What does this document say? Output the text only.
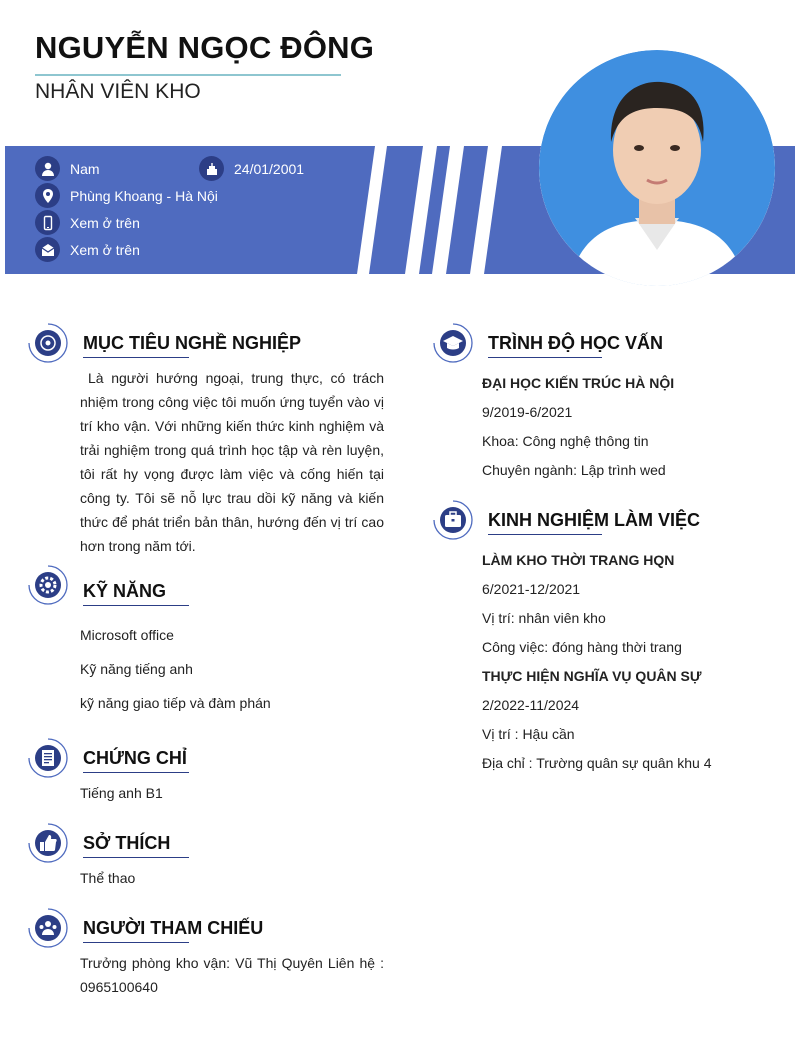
NGUYỄN NGỌC ĐÔNG
NHÂN VIÊN KHO
Nam	24/01/2001
Phùng Khoang - Hà Nội
Xem ở trên
Xem ở trên
MỤC TIÊU NGHỀ NGHIỆP

Là người hướng ngoại, trung thực, có trách nhiệm trong công việc tôi muốn ứng tuyển vào vị trí kho vận. Với những kiến thức kinh nghiệm và trải nghiệm trong quá trình học tập và rèn luyện, tôi rất hy vọng được làm việc và cống hiến tại công ty. Tôi sẽ nỗ lực trau dồi kỹ năng và kiến thức để phát triển bản thân, hướng đến vị trí cao hơn trong năm tới.

KỸ NĂNG
Microsoft office
Kỹ năng tiếng anh
kỹ năng giao tiếp và đàm phán
CHỨNG CHỈ
Tiếng anh B1
SỞ THÍCH
Thể thao
NGƯỜI THAM CHIẾU
Trưởng phòng kho vận: Vũ Thị Quyên Liên hệ :
0965100640
TRÌNH ĐỘ HỌC VẤN
ĐẠI HỌC KIẾN TRÚC HÀ NỘI
9/2019-6/2021
Khoa: Công nghệ thông tin
Chuyên ngành: Lập trình wed
KINH NGHIỆM LÀM VIỆC
LÀM KHO THỜI TRANG HQN
6/2021-12/2021
Vị trí: nhân viên kho
Công việc: đóng hàng thời trang
THỰC HIỆN NGHĨA VỤ QUÂN SỰ
2/2022-11/2024
Vị trí : Hậu cần
Địa chỉ : Trường quân sự quân khu 4
